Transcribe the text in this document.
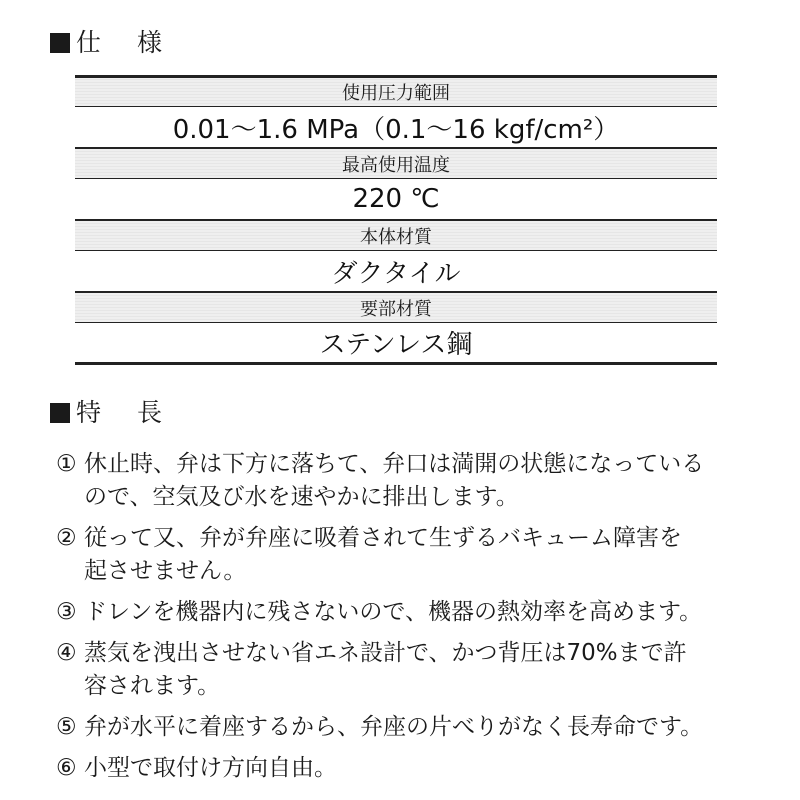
仕 様
使用圧力範囲
0.01～1.6 MPa（0.1～16 kgf/cm²）
最高使用温度
220 ℃
本体材質
ダクタイル
要部材質
ステンレス鋼
特 長
① 休止時、弁は下方に落ちて、弁口は満開の状態になっている
ので、空気及び水を速やかに排出します。
② 従って又、弁が弁座に吸着されて生ずるバキューム障害を
起させません。
③ ドレンを機器内に残さないので、機器の熱効率を高めます。
④ 蒸気を洩出させない省エネ設計で、かつ背圧は70%まで許
容されます。
⑤ 弁が水平に着座するから、弁座の片べりがなく長寿命です。
⑥ 小型で取付け方向自由。
